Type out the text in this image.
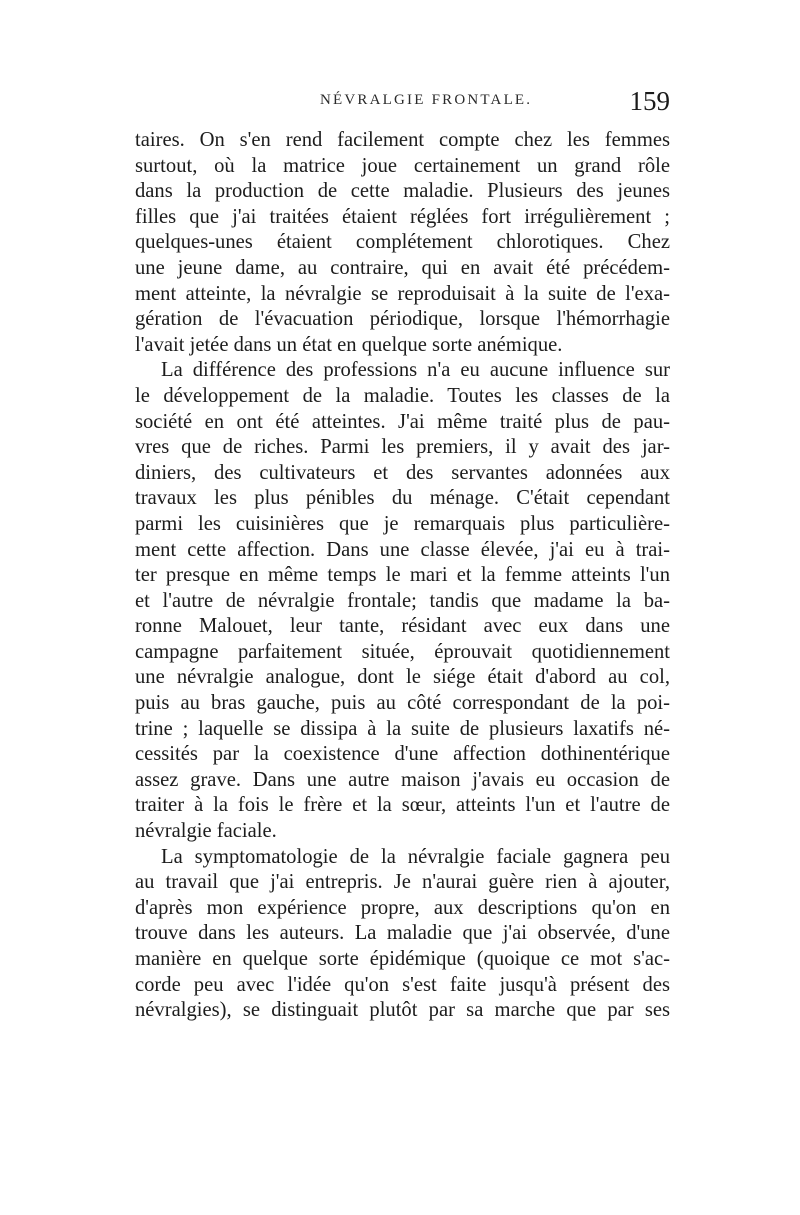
NÉVRALGIE FRONTALE.	159
taires. On s'en rend facilement compte chez les femmes
surtout, où la matrice joue certainement un grand rôle
dans la production de cette maladie. Plusieurs des jeunes
filles que j'ai traitées étaient réglées fort irrégulièrement ;
quelques-unes étaient complétement chlorotiques. Chez
une jeune dame, au contraire, qui en avait été précédem-
ment atteinte, la névralgie se reproduisait à la suite de l'exa-
gération de l'évacuation périodique, lorsque l'hémorrhagie
l'avait jetée dans un état en quelque sorte anémique.
La différence des professions n'a eu aucune influence sur
le développement de la maladie. Toutes les classes de la
société en ont été atteintes. J'ai même traité plus de pau-
vres que de riches. Parmi les premiers, il y avait des jar-
diniers, des cultivateurs et des servantes adonnées aux
travaux les plus pénibles du ménage. C'était cependant
parmi les cuisinières que je remarquais plus particulière-
ment cette affection. Dans une classe élevée, j'ai eu à trai-
ter presque en même temps le mari et la femme atteints l'un
et l'autre de névralgie frontale; tandis que madame la ba-
ronne Malouet, leur tante, résidant avec eux dans une
campagne parfaitement située, éprouvait quotidiennement
une névralgie analogue, dont le siége était d'abord au col,
puis au bras gauche, puis au côté correspondant de la poi-
trine ; laquelle se dissipa à la suite de plusieurs laxatifs né-
cessités par la coexistence d'une affection dothinentérique
assez grave. Dans une autre maison j'avais eu occasion de
traiter à la fois le frère et la sœur, atteints l'un et l'autre de
névralgie faciale.
La symptomatologie de la névralgie faciale gagnera peu
au travail que j'ai entrepris. Je n'aurai guère rien à ajouter,
d'après mon expérience propre, aux descriptions qu'on en
trouve dans les auteurs. La maladie que j'ai observée, d'une
manière en quelque sorte épidémique (quoique ce mot s'ac-
corde peu avec l'idée qu'on s'est faite jusqu'à présent des
névralgies), se distinguait plutôt par sa marche que par ses
